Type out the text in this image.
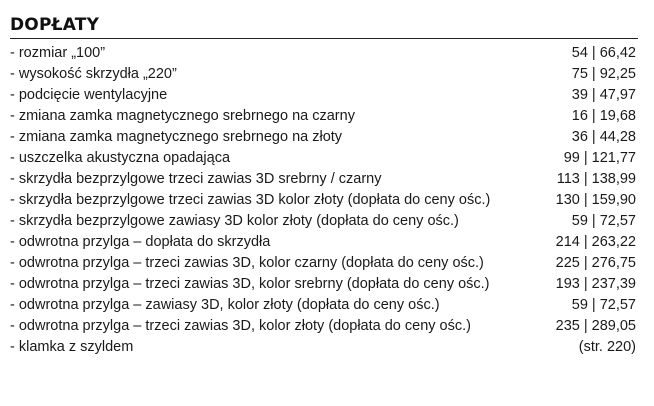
DOPŁATY
- rozmiar „100”	54 | 66,42
- wysokość skrzydła „220”	75 | 92,25
- podcięcie wentylacyjne	39 | 47,97
- zmiana zamka magnetycznego srebrnego na czarny	16 | 19,68
- zmiana zamka magnetycznego srebrnego na złoty	36 | 44,28
- uszczelka akustyczna opadająca	99 | 121,77
- skrzydła bezprzylgowe trzeci zawias 3D srebrny / czarny	113 | 138,99
- skrzydła bezprzylgowe trzeci zawias 3D kolor złoty (dopłata do ceny ośc.)	130 | 159,90
- skrzydła bezprzylgowe zawiasy 3D kolor złoty (dopłata do ceny ośc.)	59 | 72,57
- odwrotna przylga – dopłata do skrzydła	214 | 263,22
- odwrotna przylga – trzeci zawias 3D, kolor czarny (dopłata do ceny ośc.)	225 | 276,75
- odwrotna przylga – trzeci zawias 3D, kolor srebrny (dopłata do ceny ośc.)	193 | 237,39
- odwrotna przylga – zawiasy 3D, kolor złoty (dopłata do ceny ośc.)	59 | 72,57
- odwrotna przylga – trzeci zawias 3D, kolor złoty (dopłata do ceny ośc.)	235 | 289,05
- klamka z szyldem	(str. 220)
